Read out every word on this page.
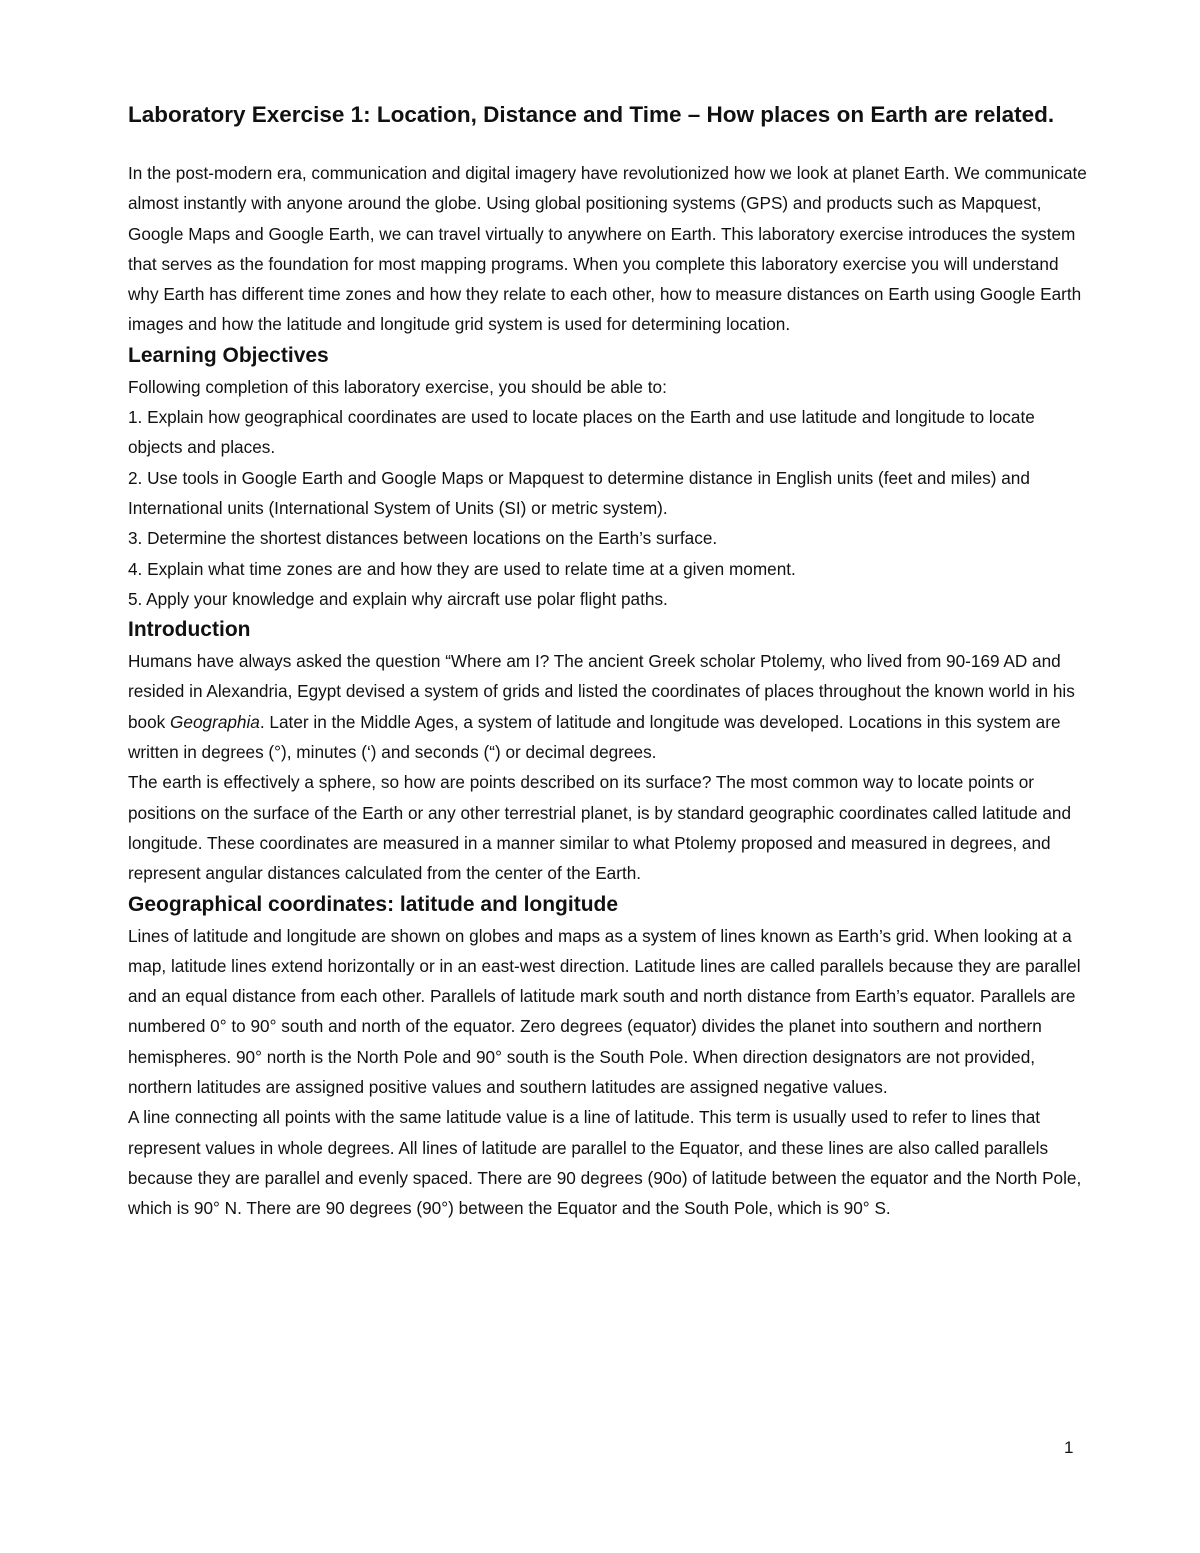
Laboratory Exercise 1: Location, Distance and Time – How places on Earth are related.

In the post-modern era, communication and digital imagery have revolutionized how we look at planet Earth. We communicate almost instantly with anyone around the globe. Using global positioning systems (GPS) and products such as Mapquest, Google Maps and Google Earth, we can travel virtually to anywhere on Earth. This laboratory exercise introduces the system that serves as the foundation for most mapping programs. When you complete this laboratory exercise you will understand why Earth has different time zones and how they relate to each other, how to measure distances on Earth using Google Earth images and how the latitude and longitude grid system is used for determining location.

Learning Objectives

Following completion of this laboratory exercise, you should be able to:

1. Explain how geographical coordinates are used to locate places on the Earth and use latitude and longitude to locate objects and places.
2. Use tools in Google Earth and Google Maps or Mapquest to determine distance in English units (feet and miles) and International units (International System of Units (SI) or metric system).
3. Determine the shortest distances between locations on the Earth’s surface.
4. Explain what time zones are and how they are used to relate time at a given moment.
5. Apply your knowledge and explain why aircraft use polar flight paths.
Introduction

Humans have always asked the question “Where am I? The ancient Greek scholar Ptolemy, who lived from 90-169 AD and resided in Alexandria, Egypt devised a system of grids and listed the coordinates of places throughout the known world in his book Geographia. Later in the Middle Ages, a system of latitude and longitude was developed. Locations in this system are written in degrees (°), minutes (‘) and seconds (“) or decimal degrees.

The earth is effectively a sphere, so how are points described on its surface? The most common way to locate points or positions on the surface of the Earth or any other terrestrial planet, is by standard geographic coordinates called latitude and longitude. These coordinates are measured in a manner similar to what Ptolemy proposed and measured in degrees, and represent angular distances calculated from the center of the Earth.

Geographical coordinates: latitude and longitude

Lines of latitude and longitude are shown on globes and maps as a system of lines known as Earth’s grid. When looking at a map, latitude lines extend horizontally or in an east-west direction. Latitude lines are called parallels because they are parallel and an equal distance from each other. Parallels of latitude mark south and north distance from Earth’s equator. Parallels are numbered 0° to 90° south and north of the equator. Zero degrees (equator) divides the planet into southern and northern hemispheres. 90° north is the North Pole and 90° south is the South Pole. When direction designators are not provided, northern latitudes are assigned positive values and southern latitudes are assigned negative values.

A line connecting all points with the same latitude value is a line of latitude. This term is usually used to refer to lines that represent values in whole degrees. All lines of latitude are parallel to the Equator, and these lines are also called parallels because they are parallel and evenly spaced. There are 90 degrees (90o) of latitude between the equator and the North Pole, which is 90° N. There are 90 degrees (90°) between the Equator and the South Pole, which is 90° S.

1
